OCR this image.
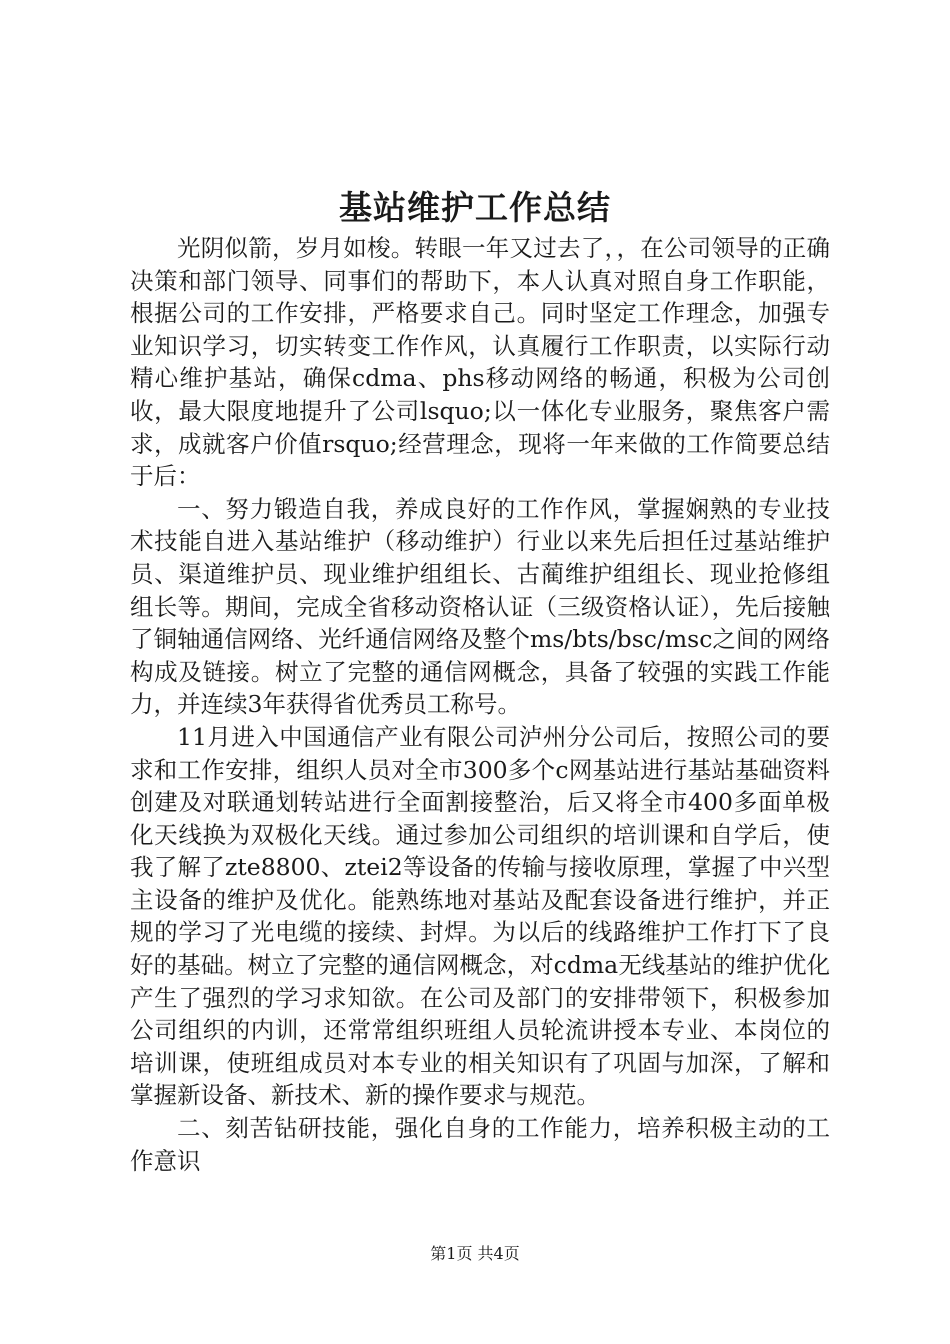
基站维护工作总结

光阴似箭，岁月如梭。转眼一年又过去了，，在公司领导的正确决策和部门领导、同事们的帮助下，本人认真对照自身工作职能，根据公司的工作安排，严格要求自己。同时坚定工作理念，加强专业知识学习，切实转变工作作风，认真履行工作职责，以实际行动精心维护基站，确保cdma、phs移动网络的畅通，积极为公司创收，最大限度地提升了公司lsquo;以一体化专业服务，聚焦客户需求，成就客户价值rsquo;经营理念，现将一年来做的工作简要总结于后：

一、努力锻造自我，养成良好的工作作风，掌握娴熟的专业技术技能自进入基站维护（移动维护）行业以来先后担任过基站维护员、渠道维护员、现业维护组组长、古蔺维护组组长、现业抢修组组长等。期间，完成全省移动资格认证（三级资格认证），先后接触了铜轴通信网络、光纤通信网络及整个ms/bts/bsc/msc之间的网络构成及链接。树立了完整的通信网概念，具备了较强的实践工作能力，并连续3年获得省优秀员工称号。

11月进入中国通信产业有限公司泸州分公司后，按照公司的要求和工作安排，组织人员对全市300多个c网基站进行基站基础资料创建及对联通划转站进行全面割接整治，后又将全市400多面单极化天线换为双极化天线。通过参加公司组织的培训课和自学后，使我了解了zte8800、ztei2等设备的传输与接收原理，掌握了中兴型主设备的维护及优化。能熟练地对基站及配套设备进行维护，并正规的学习了光电缆的接续、封焊。为以后的线路维护工作打下了良好的基础。树立了完整的通信网概念，对cdma无线基站的维护优化产生了强烈的学习求知欲。在公司及部门的安排带领下，积极参加公司组织的内训，还常常组织班组人员轮流讲授本专业、本岗位的培训课，使班组成员对本专业的相关知识有了巩固与加深，了解和掌握新设备、新技术、新的操作要求与规范。

二、刻苦钻研技能，强化自身的工作能力，培养积极主动的工作意识

第1页 共4页
